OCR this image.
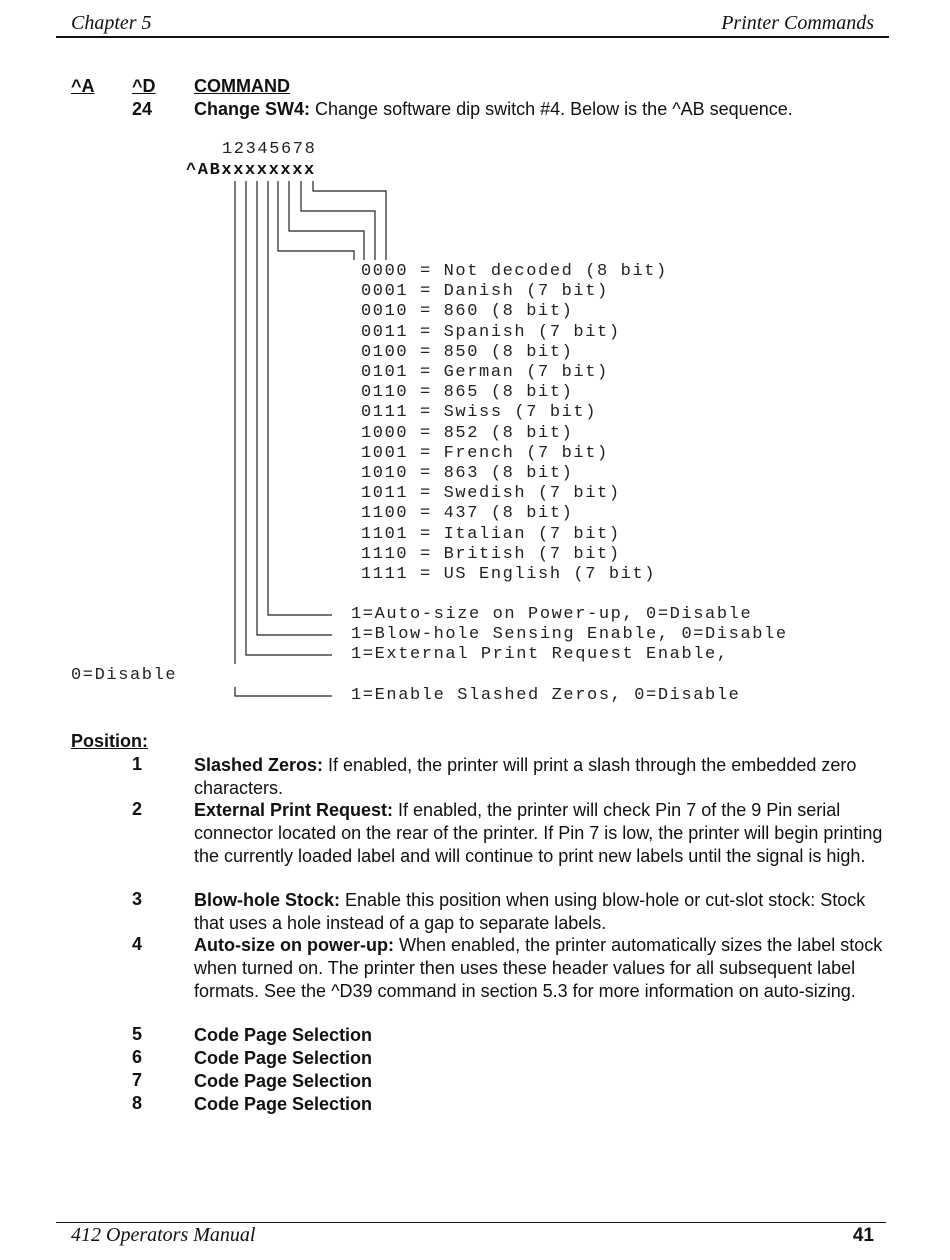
Chapter 5	Printer Commands
^A ^D COMMAND
24 Change SW4: Change software dip switch #4. Below is the ^AB sequence.
12345678
^ABxxxxxxxx
0000 = Not decoded (8 bit)
0001 = Danish (7 bit)
0010 = 860 (8 bit)
0011 = Spanish (7 bit)
0100 = 850 (8 bit)
0101 = German (7 bit)
0110 = 865 (8 bit)
0111 = Swiss (7 bit)
1000 = 852 (8 bit)
1001 = French (7 bit)
1010 = 863 (8 bit)
1011 = Swedish (7 bit)
1100 = 437 (8 bit)
1101 = Italian (7 bit)
1110 = British (7 bit)
1111 = US English (7 bit)
1=Auto-size on Power-up, 0=Disable
1=Blow-hole Sensing Enable, 0=Disable
1=External Print Request Enable,
0=Disable
1=Enable Slashed Zeros, 0=Disable
Position:
1	Slashed Zeros: If enabled, the printer will print a slash through the embedded zero characters.
2	External Print Request: If enabled, the printer will check Pin 7 of the 9 Pin serial connector located on the rear of the printer. If Pin 7 is low, the printer will begin printing the currently loaded label and will continue to print new labels until the signal is high.
3	Blow-hole Stock: Enable this position when using blow-hole or cut-slot stock: Stock that uses a hole instead of a gap to separate labels.
4	Auto-size on power-up: When enabled, the printer automatically sizes the label stock when turned on. The printer then uses these header values for all subsequent label formats. See the ^D39 command in section 5.3 for more information on auto-sizing.
5	Code Page Selection
6	Code Page Selection
7	Code Page Selection
8	Code Page Selection
412 Operators Manual	41
